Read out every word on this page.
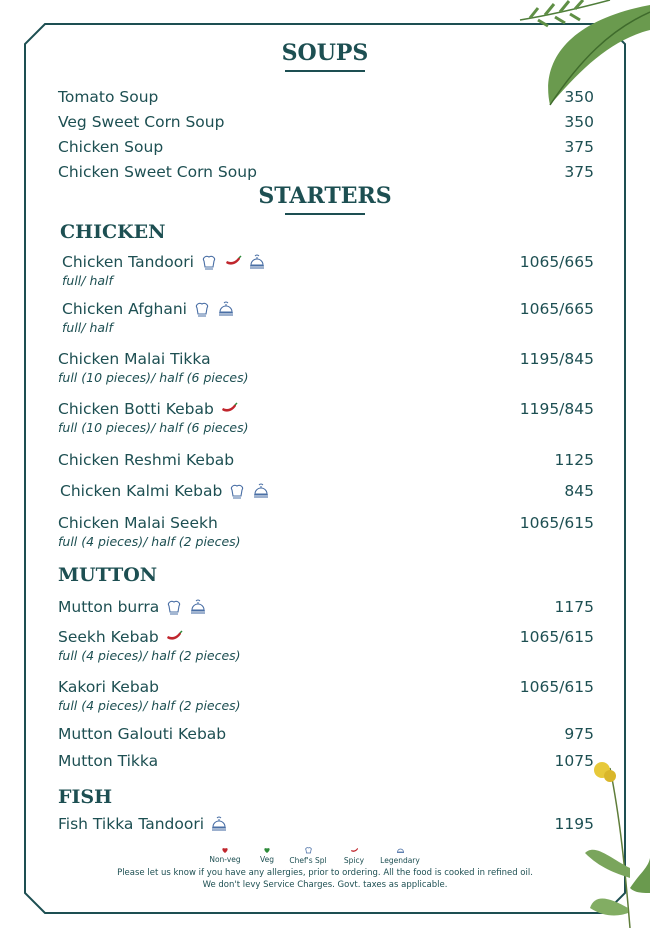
SOUPS
Tomato Soup	350
Veg Sweet Corn Soup	350
Chicken Soup	375
Chicken Sweet Corn Soup	375
STARTERS
CHICKEN
Chicken Tandoori	1065/665
full/ half
Chicken Afghani	1065/665
full/ half
Chicken Malai Tikka	1195/845
full (10 pieces)/ half (6 pieces)
Chicken Botti Kebab	1195/845
full (10 pieces)/ half (6 pieces)
Chicken Reshmi Kebab	1125
Chicken Kalmi Kebab	845
Chicken Malai Seekh	1065/615
full (4 pieces)/ half (2 pieces)
MUTTON
Mutton burra	1175
Seekh Kebab	1065/615
full (4 pieces)/ half (2 pieces)
Kakori Kebab	1065/615
full (4 pieces)/ half (2 pieces)
Mutton Galouti Kebab	975
Mutton Tikka	1075
FISH
Fish Tikka Tandoori	1195
Non-veg	Veg	Chef's Spl	Spicy	Legendary
Please let us know if you have any allergies, prior to ordering. All the food is cooked in refined oil.
We don't levy Service Charges. Govt. taxes as applicable.
